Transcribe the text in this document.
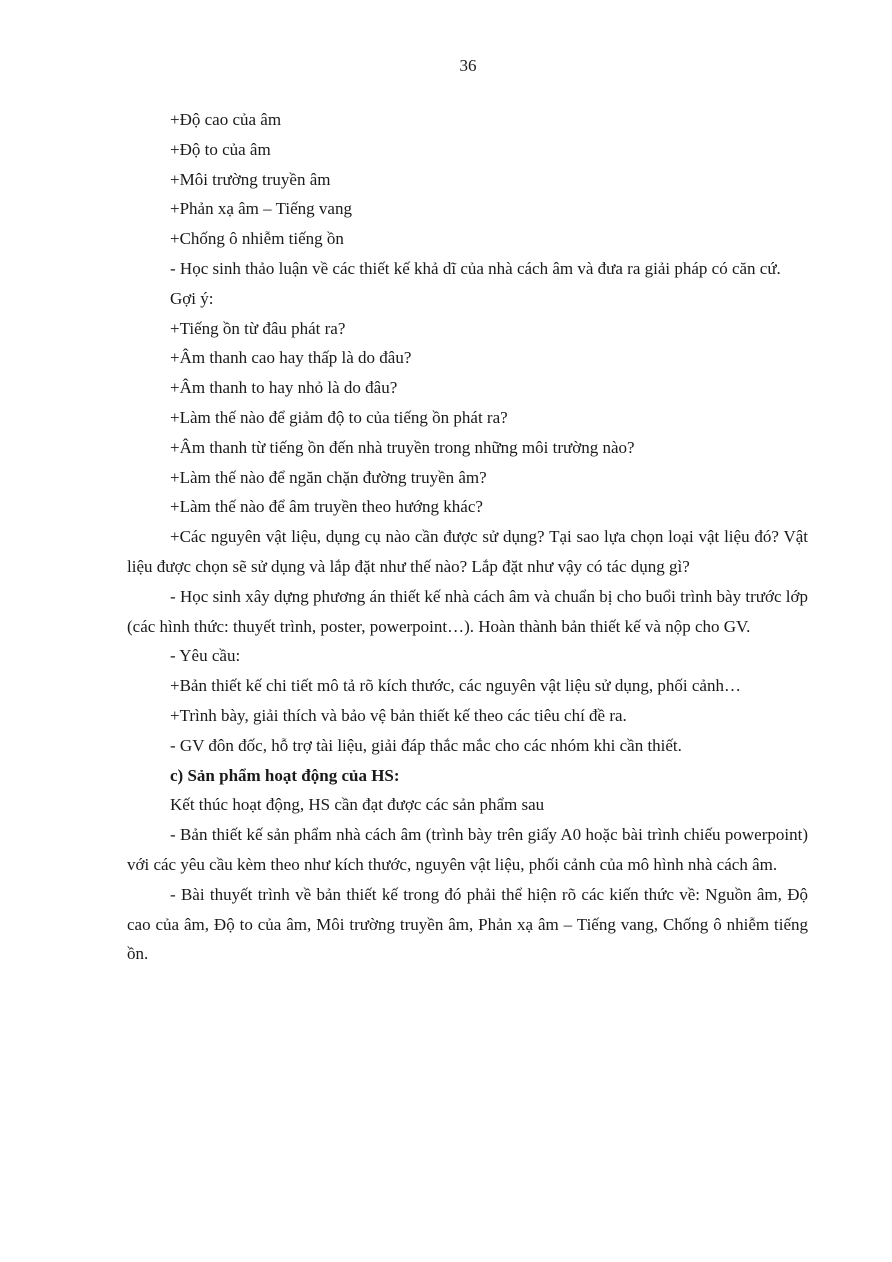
36

+Độ cao của âm

+Độ to của âm

+Môi trường truyền âm

+Phản xạ âm – Tiếng vang

+Chống ô nhiễm tiếng ồn

- Học sinh thảo luận về các thiết kế khả dĩ của nhà cách âm và đưa ra giải pháp có căn cứ.

Gợi ý:

+Tiếng ồn từ đâu phát ra?

+Âm thanh cao hay thấp là do đâu?

+Âm thanh to hay nhỏ là do đâu?

+Làm thế nào để giảm độ to của tiếng ồn phát ra?

+Âm thanh từ tiếng ồn đến nhà truyền trong những môi trường nào?

+Làm thế nào để ngăn chặn đường truyền âm?

+Làm thế nào để âm truyền theo hướng khác?

+Các nguyên vật liệu, dụng cụ nào cần được sử dụng? Tại sao lựa chọn loại vật liệu đó? Vật liệu được chọn sẽ sử dụng và lắp đặt như thế nào? Lắp đặt như vậy có tác dụng gì?

- Học sinh xây dựng phương án thiết kế nhà cách âm và chuẩn bị cho buổi trình bày trước lớp (các hình thức: thuyết trình, poster, powerpoint…). Hoàn thành bản thiết kế và nộp cho GV.

- Yêu cầu:

+Bản thiết kế chi tiết mô tả rõ kích thước, các nguyên vật liệu sử dụng, phối cảnh…

+Trình bày, giải thích và bảo vệ bản thiết kế theo các tiêu chí đề ra.

- GV đôn đốc, hỗ trợ tài liệu, giải đáp thắc mắc cho các nhóm khi cần thiết.

c) Sản phẩm hoạt động của HS:

Kết thúc hoạt động, HS cần đạt được các sản phẩm sau

- Bản thiết kế sản phẩm nhà cách âm (trình bày trên giấy A0 hoặc bài trình chiếu powerpoint) với các yêu cầu kèm theo như kích thước, nguyên vật liệu, phối cảnh của mô hình nhà cách âm.

- Bài thuyết trình về bản thiết kế trong đó phải thể hiện rõ các kiến thức về: Nguồn âm, Độ cao của âm, Độ to của âm, Môi trường truyền âm, Phản xạ âm – Tiếng vang, Chống ô nhiễm tiếng ồn.
